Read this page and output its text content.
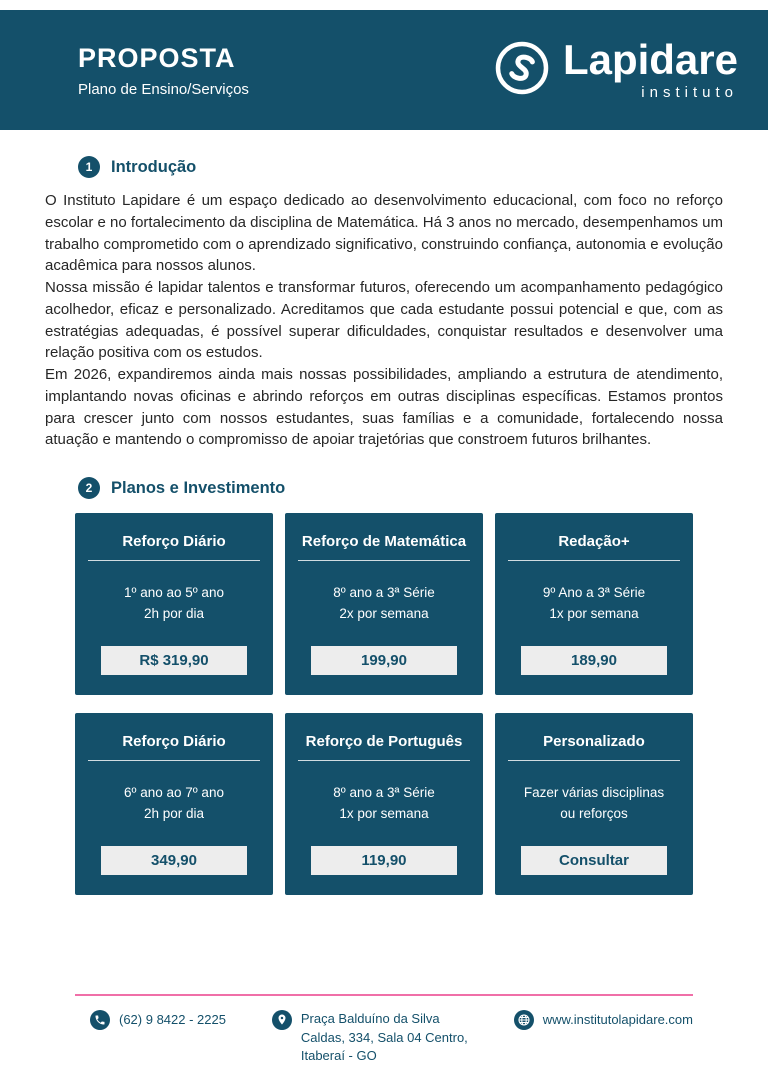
PROPOSTA
Plano de Ensino/Serviços
Lapidare
instituto
1	Introdução

O Instituto Lapidare é um espaço dedicado ao desenvolvimento educacional, com foco no reforço escolar e no fortalecimento da disciplina de Matemática. Há 3 anos no mercado, desempenhamos um trabalho comprometido com o aprendizado significativo, construindo confiança, autonomia e evolução acadêmica para nossos alunos.

Nossa missão é lapidar talentos e transformar futuros, oferecendo um acompanhamento pedagógico acolhedor, eficaz e personalizado. Acreditamos que cada estudante possui potencial e que, com as estratégias adequadas, é possível superar dificuldades, conquistar resultados e desenvolver uma relação positiva com os estudos.

Em 2026, expandiremos ainda mais nossas possibilidades, ampliando a estrutura de atendimento, implantando novas oficinas e abrindo reforços em outras disciplinas específicas. Estamos prontos para crescer junto com nossos estudantes, suas famílias e a comunidade, fortalecendo nossa atuação e mantendo o compromisso de apoiar trajetórias que constroem futuros brilhantes.

2	Planos e Investimento
Reforço Diário
1º ano ao 5º ano
2h por dia
R$ 319,90
Reforço de Matemática
8º ano a 3ª Série
2x por semana
199,90
Redação+
9º Ano a 3ª Série
1x por semana
189,90
Reforço Diário
6º ano ao 7º ano
2h por dia
349,90
Reforço de Português
8º ano a 3ª Série
1x por semana
119,90
Personalizado
Fazer várias disciplinas
ou reforços
Consultar
(62) 9 8422 - 2225	Praça Balduíno da Silva
Caldas, 334, Sala 04 Centro,
Itaberaí - GO
www.institutolapidare.com
